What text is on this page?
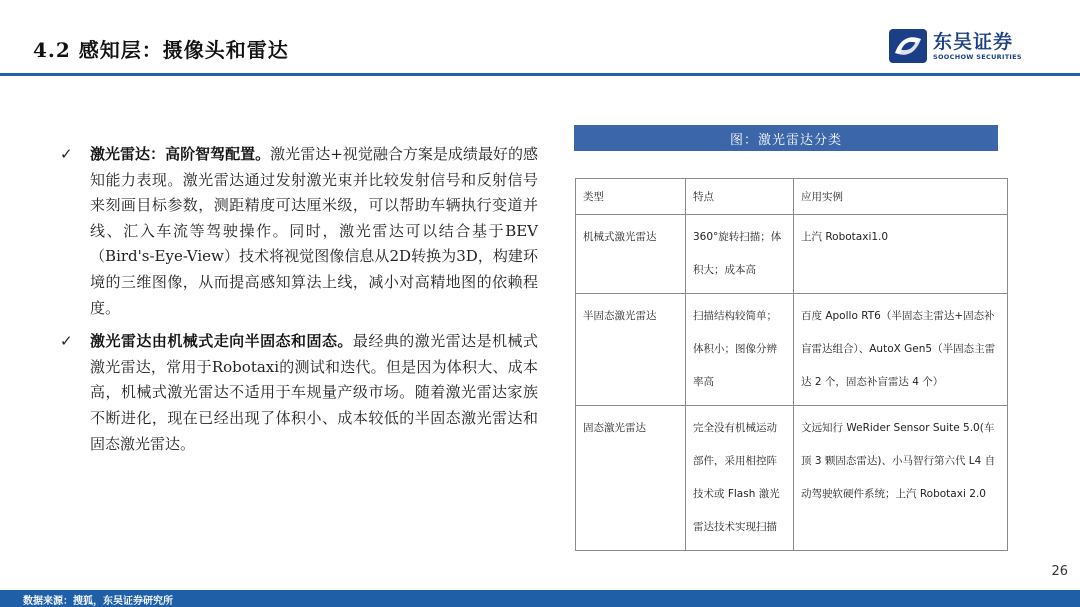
4.2 感知层：摄像头和雷达	东吴证券
SOOCHOW SECURITIES
✓ 激光雷达：高阶智驾配置。激光雷达+视觉融合方案是成绩最好的感知能力表现。激光雷达通过发射激光束并比较发射信号和反射信号来刻画目标参数，测距精度可达厘米级，可以帮助车辆执行变道并线、汇入车流等驾驶操作。同时，激光雷达可以结合基于BEV（Bird's-Eye-View）技术将视觉图像信息从2D转换为3D，构建环境的三维图像，从而提高感知算法上线，减小对高精地图的依赖程度。
✓ 激光雷达由机械式走向半固态和固态。最经典的激光雷达是机械式激光雷达，常用于Robotaxi的测试和迭代。但是因为体积大、成本高，机械式激光雷达不适用于车规量产级市场。随着激光雷达家族不断进化，现在已经出现了体积小、成本较低的半固态激光雷达和固态激光雷达。
图：激光雷达分类
类型	特点	应用实例
机械式激光雷达	360°旋转扫描；体积大；成本高	上汽 Robotaxi1.0
半固态激光雷达	扫描结构较简单；体积小；图像分辨率高	百度 Apollo RT6（半固态主雷达+固态补盲雷达组合）、AutoX Gen5（半固态主雷达 2 个，固态补盲雷达 4 个）
固态激光雷达	完全没有机械运动部件，采用相控阵技术或 Flash 激光雷达技术实现扫描	文远知行 WeRider Sensor Suite 5.0(车顶 3 颗固态雷达)、小马智行第六代 L4 自动驾驶软硬件系统；上汽 Robotaxi 2.0
26
数据来源：搜狐，东吴证券研究所
